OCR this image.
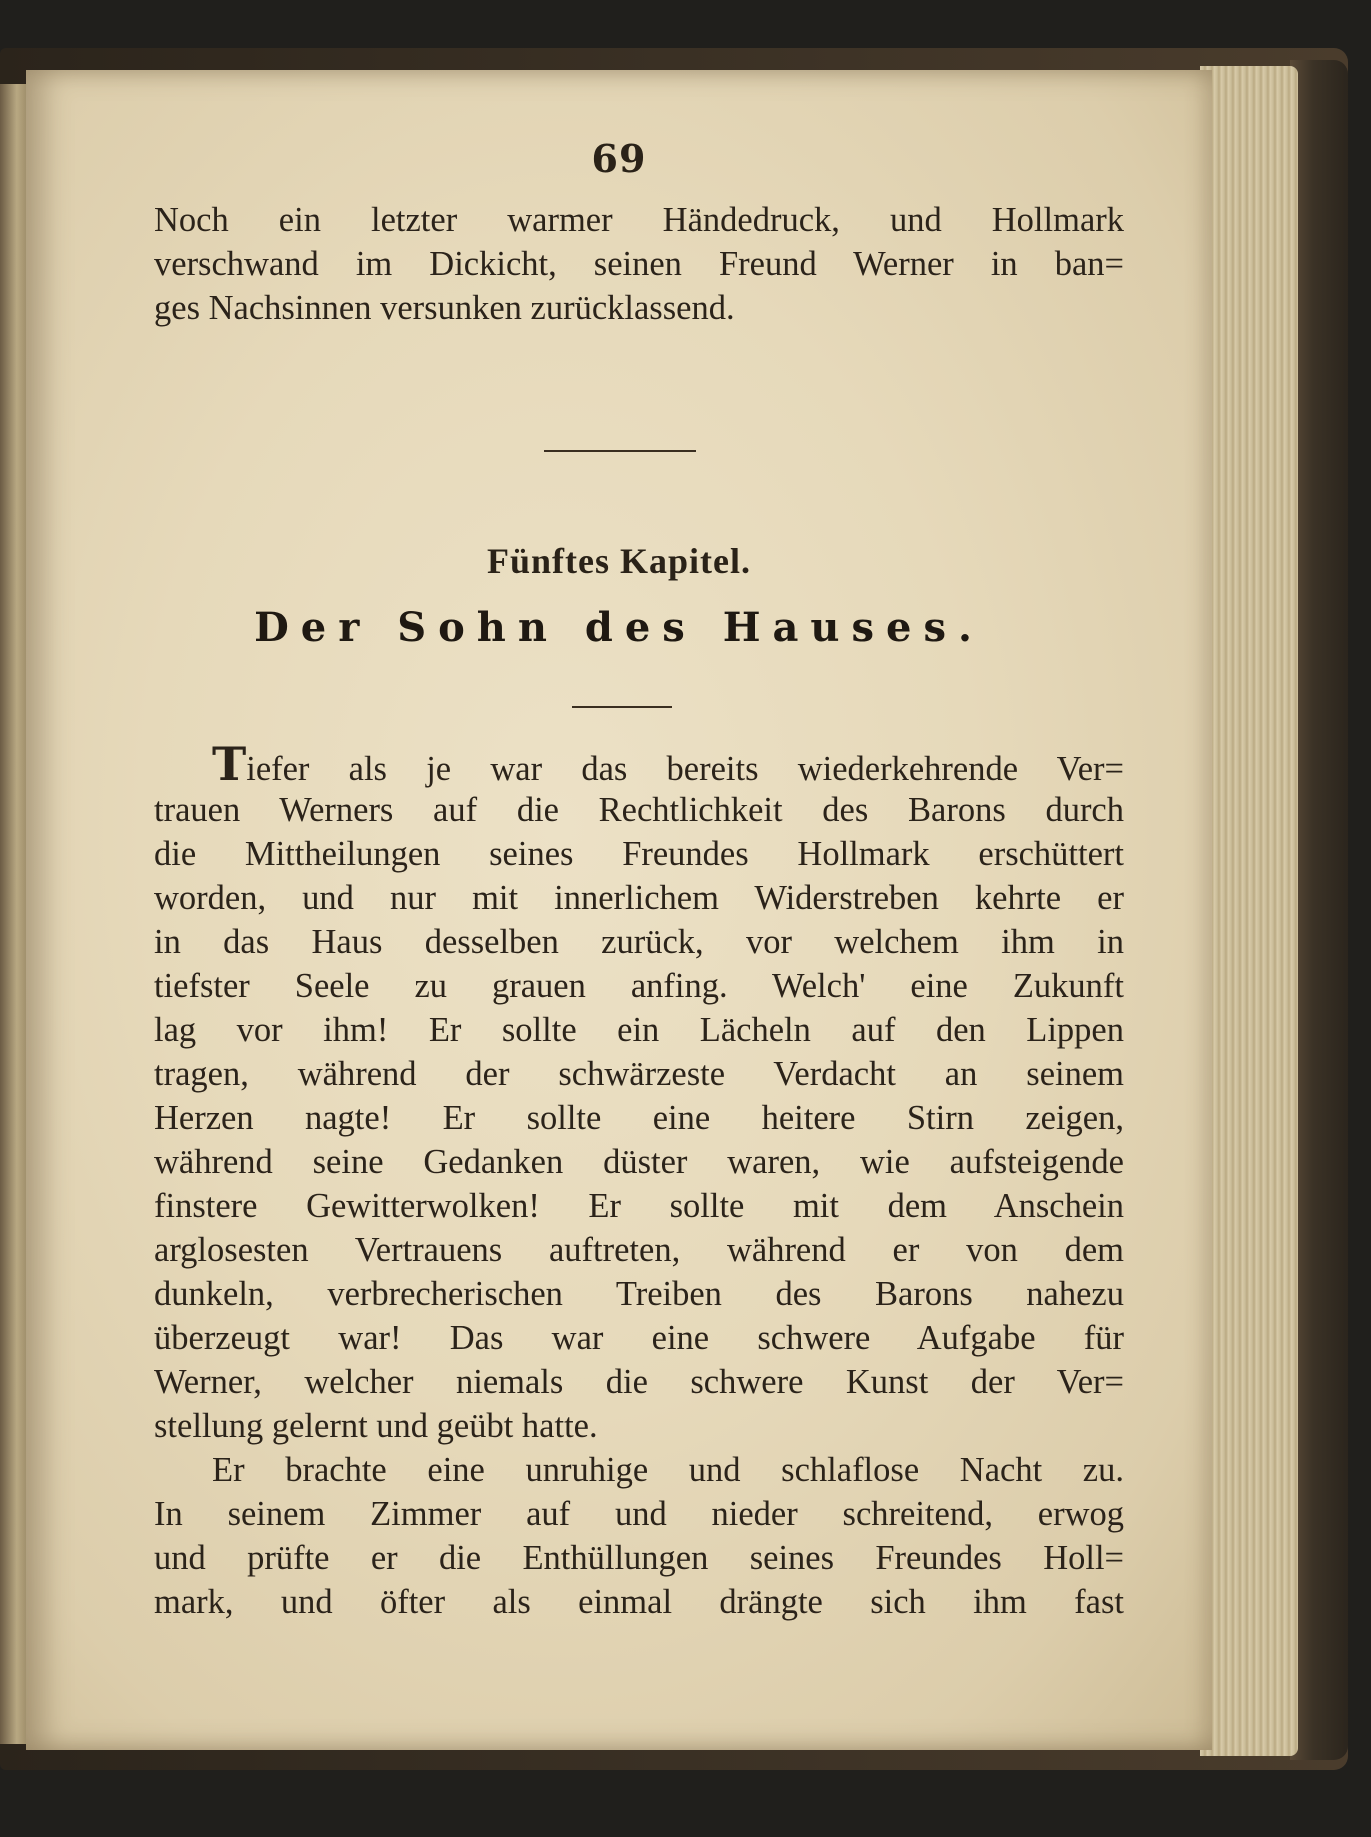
69
Noch ein letzter warmer Händedruck, und Hollmark
verschwand im Dickicht, seinen Freund Werner in ban=
ges Nachsinnen versunken zurücklassend.
Fünftes Kapitel.
Der Sohn des Hauses.
Tiefer als je war das bereits wiederkehrende Ver=
trauen Werners auf die Rechtlichkeit des Barons durch
die Mittheilungen seines Freundes Hollmark erschüttert
worden, und nur mit innerlichem Widerstreben kehrte er
in das Haus desselben zurück, vor welchem ihm in
tiefster Seele zu grauen anfing. Welch' eine Zukunft
lag vor ihm! Er sollte ein Lächeln auf den Lippen
tragen, während der schwärzeste Verdacht an seinem
Herzen nagte! Er sollte eine heitere Stirn zeigen,
während seine Gedanken düster waren, wie aufsteigende
finstere Gewitterwolken! Er sollte mit dem Anschein
arglosesten Vertrauens auftreten, während er von dem
dunkeln, verbrecherischen Treiben des Barons nahezu
überzeugt war! Das war eine schwere Aufgabe für
Werner, welcher niemals die schwere Kunst der Ver=
stellung gelernt und geübt hatte.
Er brachte eine unruhige und schlaflose Nacht zu.
In seinem Zimmer auf und nieder schreitend, erwog
und prüfte er die Enthüllungen seines Freundes Holl=
mark, und öfter als einmal drängte sich ihm fast
